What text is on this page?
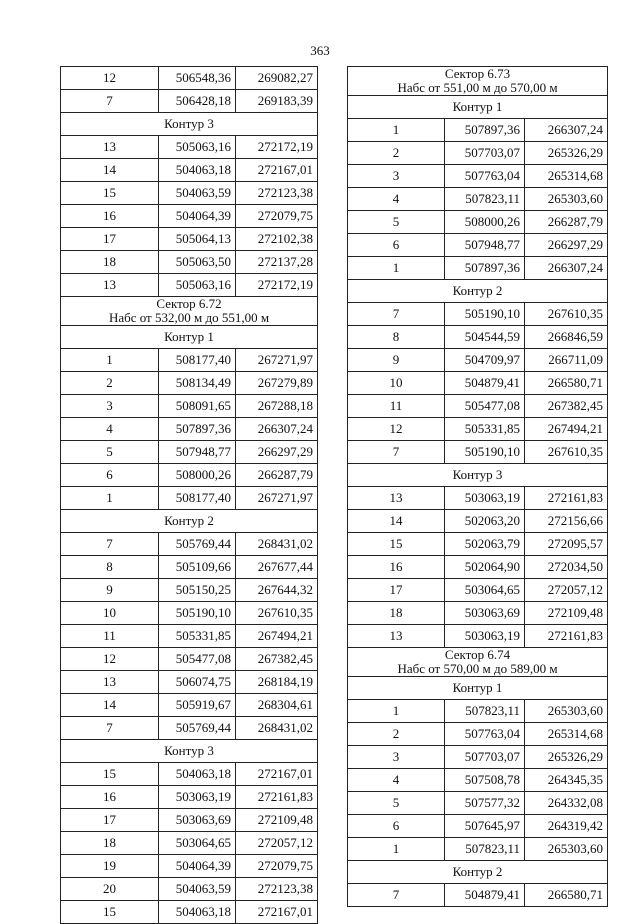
363
12	506548,36	269082,27
7	506428,18	269183,39
Контур 3		
13	505063,16	272172,19
14	504063,18	272167,01
15	504063,59	272123,38
16	504064,39	272079,75
17	505064,13	272102,38
18	505063,50	272137,28
13	505063,16	272172,19

Сектор 6.72
Набс от 532,00 м до 551,00 м		

Контур 1		
1	508177,40	267271,97
2	508134,49	267279,89
3	508091,65	267288,18
4	507897,36	266307,24
5	507948,77	266297,29
6	508000,26	266287,79
1	508177,40	267271,97
Контур 2		
7	505769,44	268431,02
8	505109,66	267677,44
9	505150,25	267644,32
10	505190,10	267610,35
11	505331,85	267494,21
12	505477,08	267382,45
13	506074,75	268184,19
14	505919,67	268304,61
7	505769,44	268431,02
Контур 3		
15	504063,18	272167,01
16	503063,19	272161,83
17	503063,69	272109,48
18	503064,65	272057,12
19	504064,39	272079,75
20	504063,59	272123,38
15	504063,18	272167,01
Сектор 6.73
Набс от 551,00 м до 570,00 м		

Контур 1		
1	507897,36	266307,24
2	507703,07	265326,29
3	507763,04	265314,68
4	507823,11	265303,60
5	508000,26	266287,79
6	507948,77	266297,29
1	507897,36	266307,24
Контур 2		
7	505190,10	267610,35
8	504544,59	266846,59
9	504709,97	266711,09
10	504879,41	266580,71
11	505477,08	267382,45
12	505331,85	267494,21
7	505190,10	267610,35
Контур 3		
13	503063,19	272161,83
14	502063,20	272156,66
15	502063,79	272095,57
16	502064,90	272034,50
17	503064,65	272057,12
18	503063,69	272109,48
13	503063,19	272161,83

Сектор 6.74
Набс от 570,00 м до 589,00 м		

Контур 1		
1	507823,11	265303,60
2	507763,04	265314,68
3	507703,07	265326,29
4	507508,78	264345,35
5	507577,32	264332,08
6	507645,97	264319,42
1	507823,11	265303,60
Контур 2		
7	504879,41	266580,71
